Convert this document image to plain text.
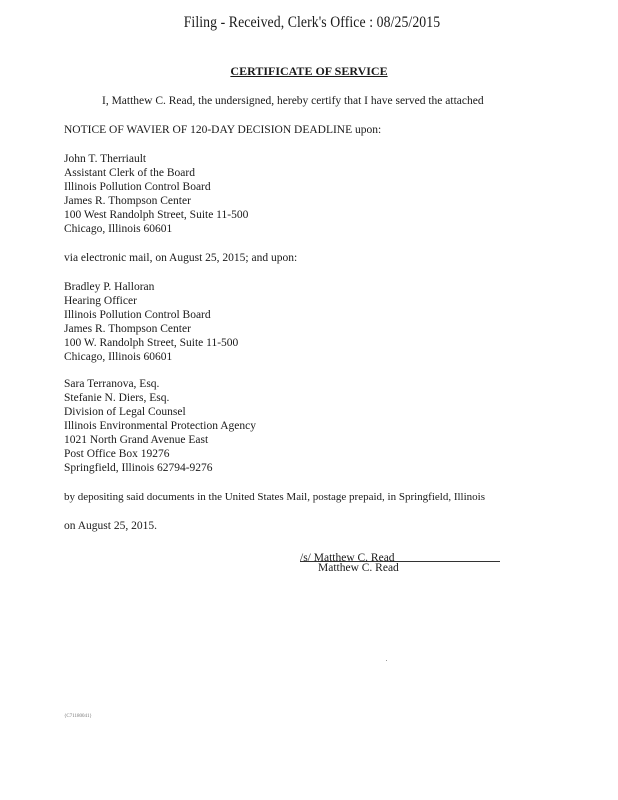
Filing - Received, Clerk's Office : 08/25/2015
CERTIFICATE OF SERVICE
I, Matthew C. Read, the undersigned, hereby certify that I have served the attached
NOTICE OF WAVIER OF 120-DAY DECISION DEADLINE upon:
John T. Therriault
Assistant Clerk of the Board
Illinois Pollution Control Board
James R. Thompson Center
100 West Randolph Street, Suite 11-500
Chicago, Illinois 60601
via electronic mail, on August 25, 2015; and upon:
Bradley P. Halloran
Hearing Officer
Illinois Pollution Control Board
James R. Thompson Center
100 W. Randolph Street, Suite 11-500
Chicago, Illinois 60601
Sara Terranova, Esq.
Stefanie N. Diers, Esq.
Division of Legal Counsel
Illinois Environmental Protection Agency
1021 North Grand Avenue East
Post Office Box 19276
Springfield, Illinois 62794-9276
by depositing said documents in the United States Mail, postage prepaid, in Springfield, Illinois
on August 25, 2015.
/s/ Matthew C. Read
Matthew C. Read
{C71180041}
